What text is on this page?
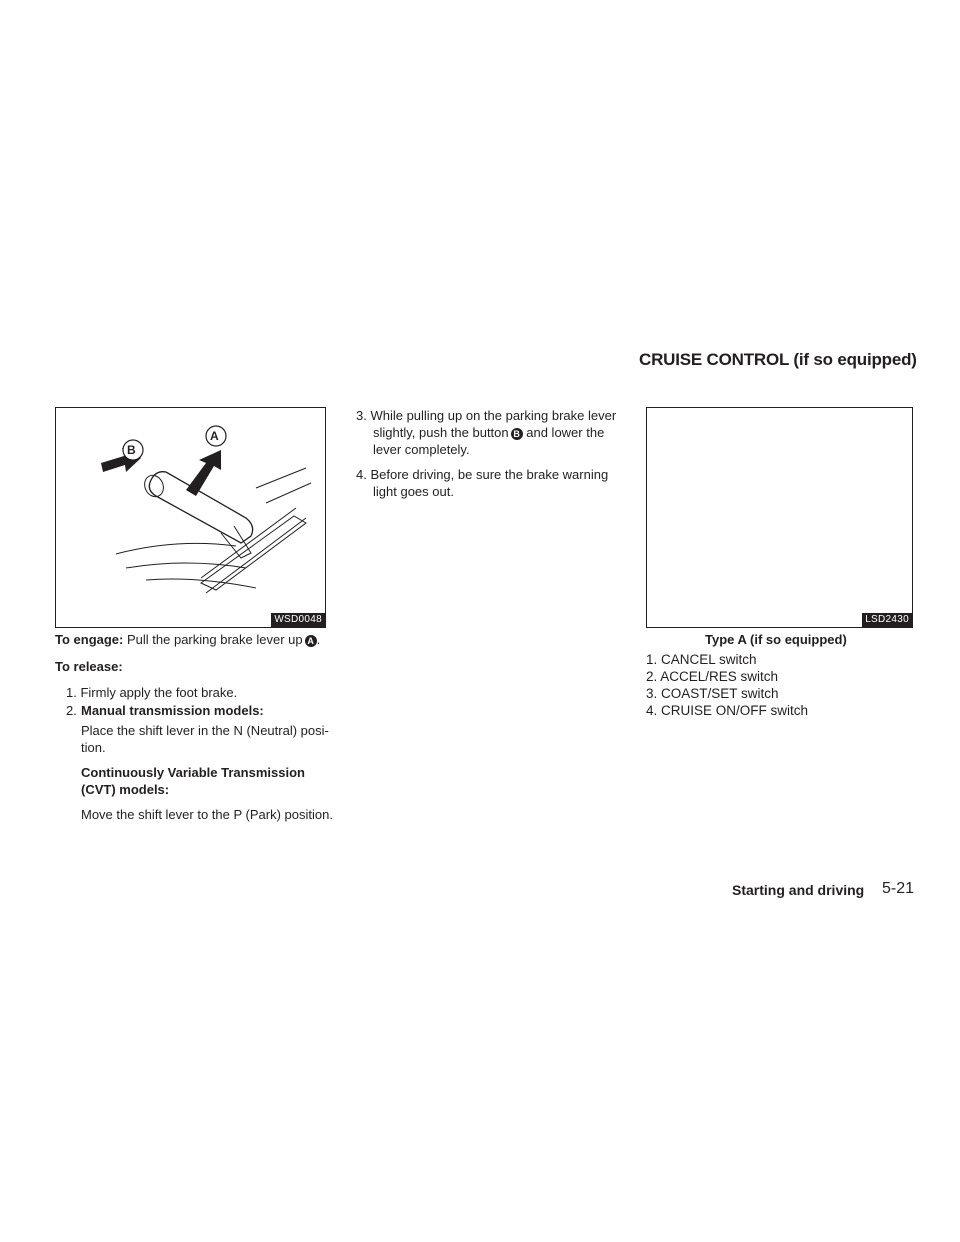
CRUISE CONTROL (if so equipped)
B
A
WSD0048
To engage: Pull the parking brake lever up A .
To release:
1. Firmly apply the foot brake.
2. Manual transmission models:
Place the shift lever in the N (Neutral) posi-
tion.
Continuously Variable Transmission
(CVT) models:
Move the shift lever to the P (Park) position.
3. While pulling up on the parking brake lever
slightly, push the button B and lower the
lever completely.
4. Before driving, be sure the brake warning
light goes out.
LSD2430
Type A (if so equipped)
1. CANCEL switch
2. ACCEL/RES switch
3. COAST/SET switch
4. CRUISE ON/OFF switch
Starting and driving 5-21
